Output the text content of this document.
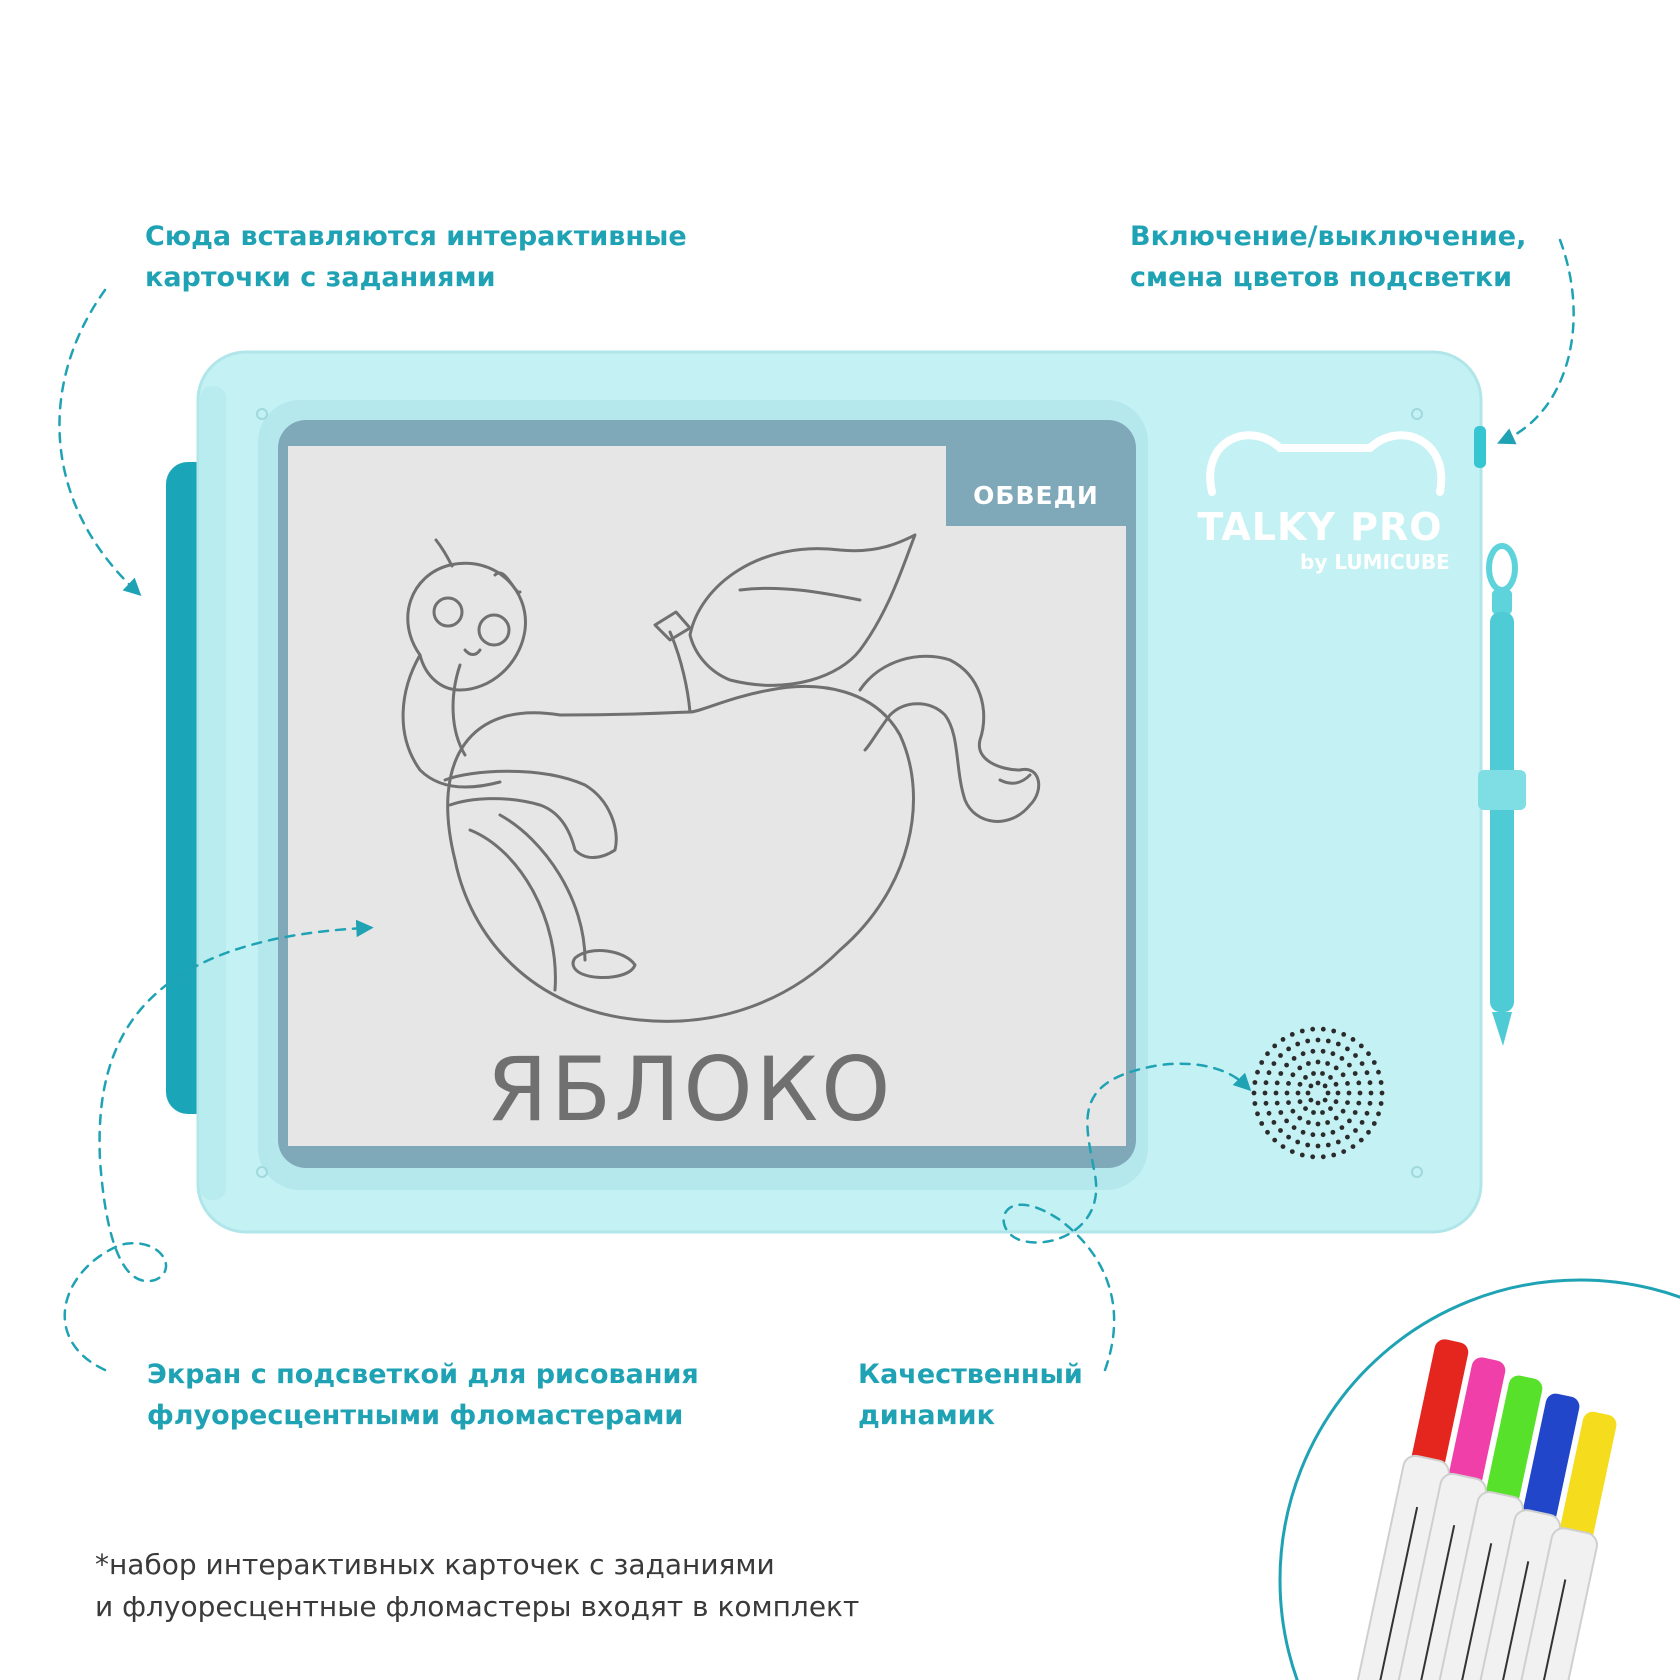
ОБВЕДИ
ЯБЛОКО
TALKY PRO
by LUMICUBE
Сюда вставляются интерактивные
карточки с заданиями
Включение/выключение,
смена цветов подсветки
Экран с подсветкой для рисования
флуоресцентными фломастерами
Качественный
динамик
*набор интерактивных карточек с заданиями
и флуоресцентные фломастеры входят в комплект
